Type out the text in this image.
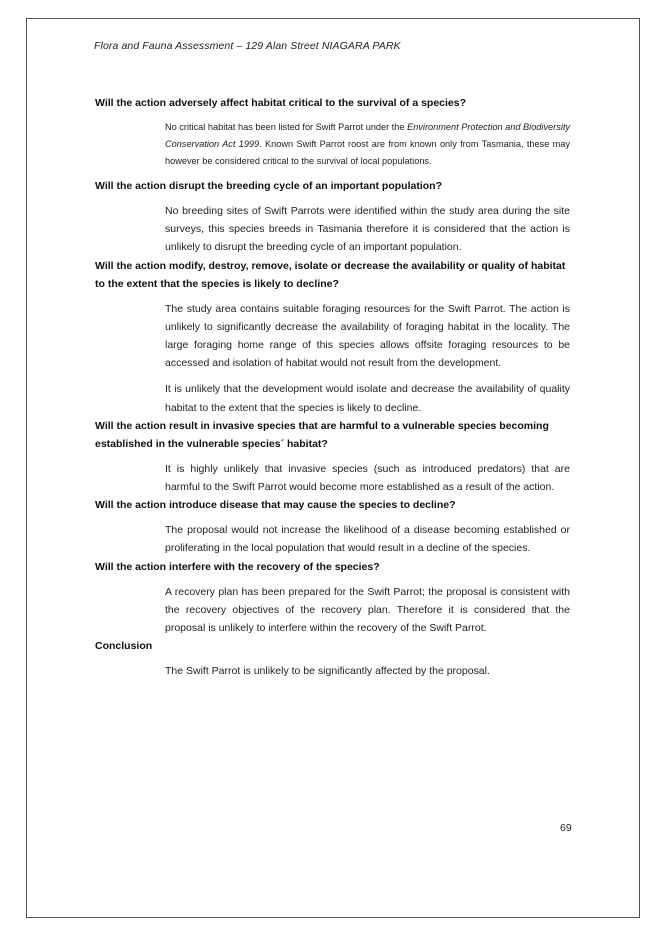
Flora and Fauna Assessment – 129 Alan Street NIAGARA PARK

Will the action adversely affect habitat critical to the survival of a species?

No critical habitat has been listed for Swift Parrot under the Environment Protection and Biodiversity Conservation Act 1999. Known Swift Parrot roost are from known only from Tasmania, these may however be considered critical to the survival of local populations.

Will the action disrupt the breeding cycle of an important population?

No breeding sites of Swift Parrots were identified within the study area during the site surveys, this species breeds in Tasmania therefore it is considered that the action is unlikely to disrupt the breeding cycle of an important population.

Will the action modify, destroy, remove, isolate or decrease the availability or quality of habitat to the extent that the species is likely to decline?

The study area contains suitable foraging resources for the Swift Parrot. The action is unlikely to significantly decrease the availability of foraging habitat in the locality. The large foraging home range of this species allows offsite foraging resources to be accessed and isolation of habitat would not result from the development.

It is unlikely that the development would isolate and decrease the availability of quality habitat to the extent that the species is likely to decline.

Will the action result in invasive species that are harmful to a vulnerable species becoming established in the vulnerable species´ habitat?

It is highly unlikely that invasive species (such as introduced predators) that are harmful to the Swift Parrot would become more established as a result of the action.

Will the action introduce disease that may cause the species to decline?

The proposal would not increase the likelihood of a disease becoming established or proliferating in the local population that would result in a decline of the species.

Will the action interfere with the recovery of the species?

A recovery plan has been prepared for the Swift Parrot; the proposal is consistent with the recovery objectives of the recovery plan. Therefore it is considered that the proposal is unlikely to interfere within the recovery of the Swift Parrot.

Conclusion

The Swift Parrot is unlikely to be significantly affected by the proposal.

69
